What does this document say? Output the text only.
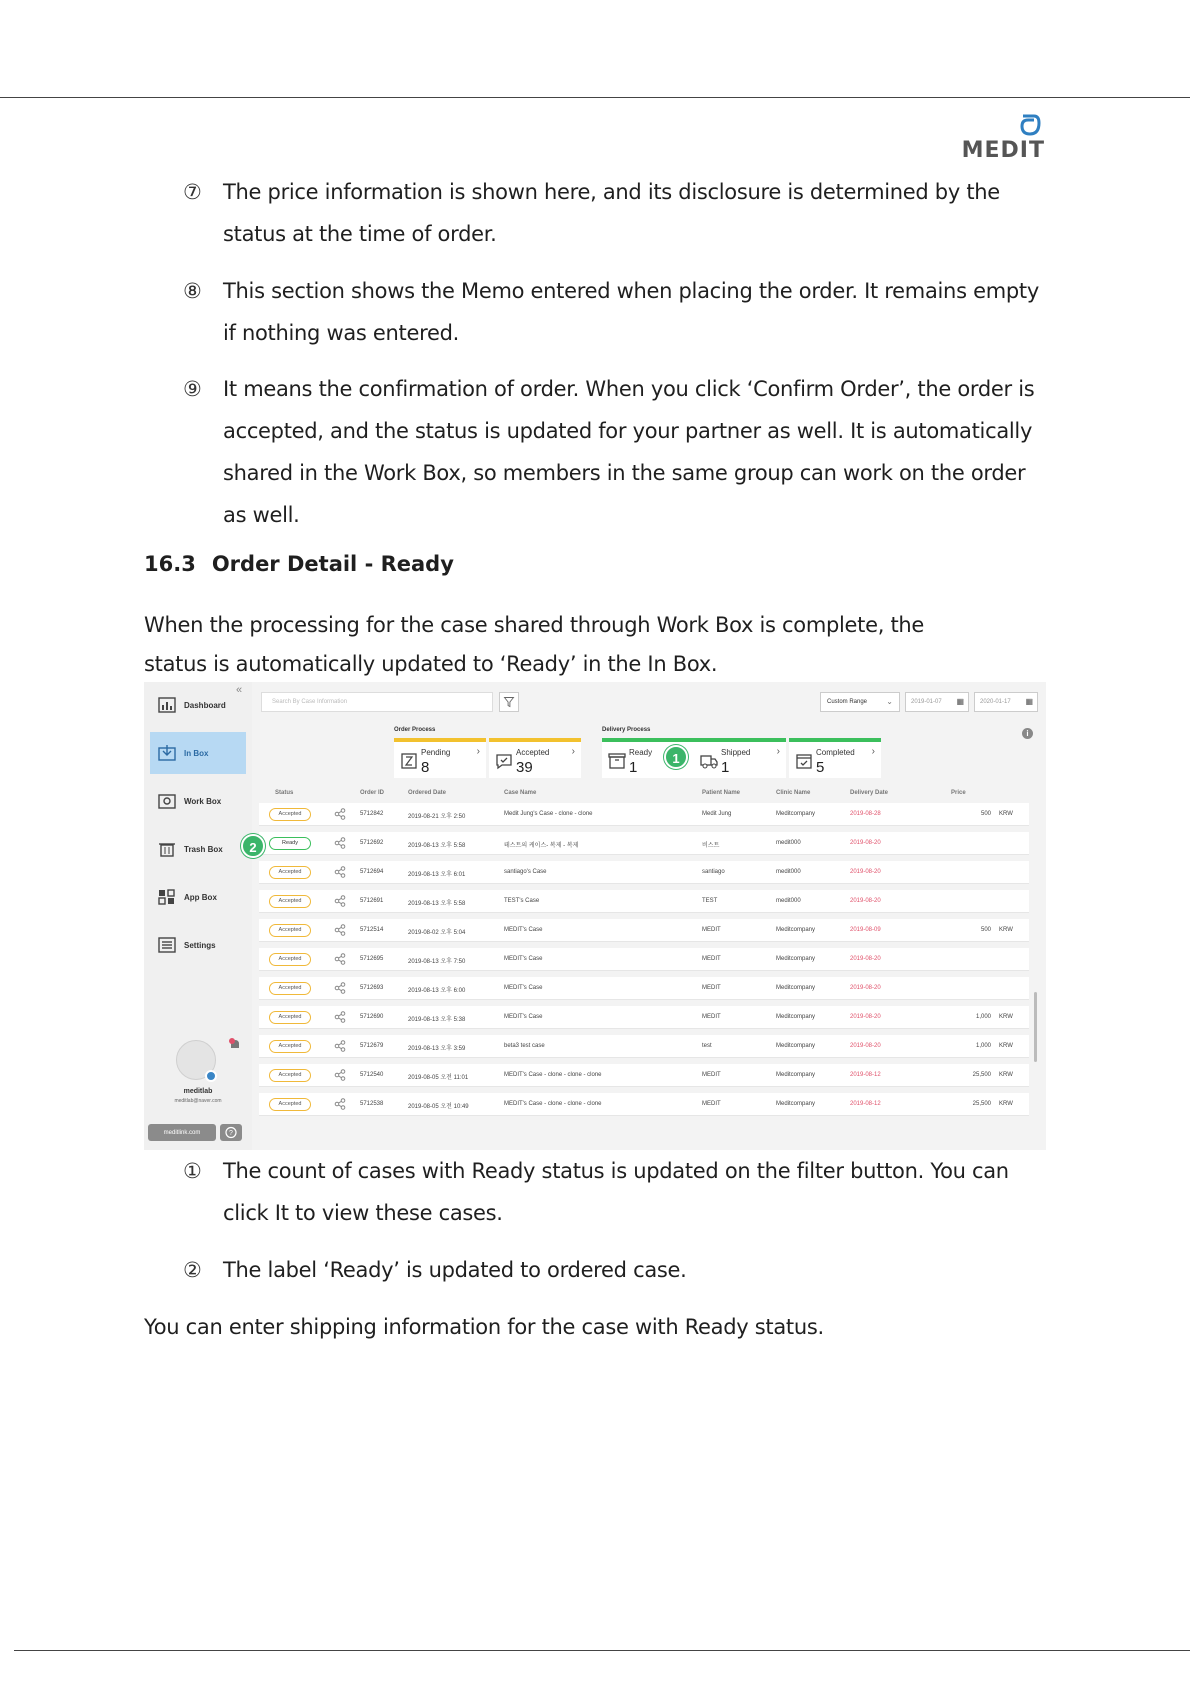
MEDIT
⑦ The price information is shown here, and its disclosure is determined by the status at the time of order.
⑧ This section shows the Memo entered when placing the order. It remains empty if nothing was entered.
⑨ It means the confirmation of order. When you click ‘Confirm Order’, the order is accepted, and the status is updated for your partner as well. It is automatically shared in the Work Box, so members in the same group can work on the order as well.
16.3 Order Detail - Ready
When the processing for the case shared through Work Box is complete, the status is automatically updated to ‘Ready’ in the In Box.
«
Dashboard
In Box
Work Box
Trash Box
App Box
Settings
meditlab
meditlab@naver.com
meditlink.com	?
Search By Case Information	Custom Range ⌄	2019-01-07 ▦	2020-01-17 ▦
i
Order Process	Delivery Process
Pending
8
›	Accepted
39
›	Ready
1
Shipped
1
›	Completed
5
›
Status	Order ID	Ordered Date	Case Name	Patient Name	Clinic Name	Delivery Date	Price
Accepted	5712842	2019-08-21 오후 2:50	Medit Jung's Case - clone - clone	Medit Jung	Meditcompany	2019-08-28	500 KRW
Ready	5712692	2019-08-13 오후 5:58	테스트의 케이스- 복제 - 복제	비스트	medit000	2019-08-20
Accepted	5712694	2019-08-13 오후 6:01	santiago's Case	santiago	medit000	2019-08-20
Accepted	5712691	2019-08-13 오후 5:58	TEST's Case	TEST	medit000	2019-08-20
Accepted	5712514	2019-08-02 오후 5:04	MEDIT's Case	MEDIT	Meditcompany	2019-08-09	500 KRW
Accepted	5712695	2019-08-13 오후 7:50	MEDIT's Case	MEDIT	Meditcompany	2019-08-20
Accepted	5712693	2019-08-13 오후 6:00	MEDIT's Case	MEDIT	Meditcompany	2019-08-20
Accepted	5712690	2019-08-13 오후 5:38	MEDIT's Case	MEDIT	Meditcompany	2019-08-20	1,000 KRW
Accepted	5712679	2019-08-13 오후 3:59	beta3 test case	test	Meditcompany	2019-08-20	1,000 KRW
Accepted	5712540	2019-08-05 오전 11:01	MEDIT's Case - clone - clone - clone	MEDIT	Meditcompany	2019-08-12	25,500 KRW
Accepted	5712538	2019-08-05 오전 10:49	MEDIT's Case - clone - clone - clone	MEDIT	Meditcompany	2019-08-12	25,500 KRW
1
2
① The count of cases with Ready status is updated on the filter button. You can click It to view these cases.
② The label ‘Ready’ is updated to ordered case.
You can enter shipping information for the case with Ready status.
